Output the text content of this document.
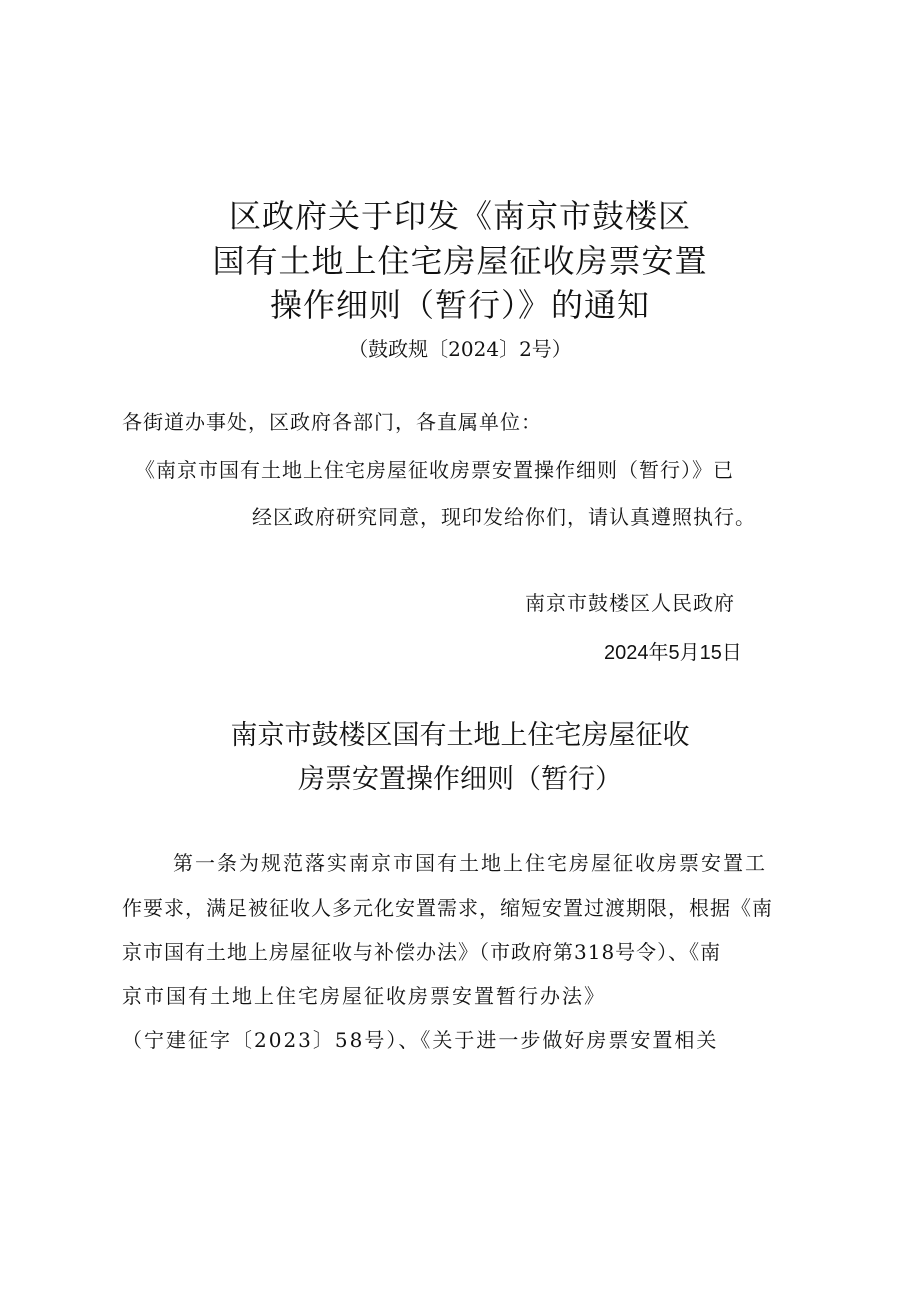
区政府关于印发《南京市鼓楼区
国有土地上住宅房屋征收房票安置
操作细则（暂行）》的通知
（鼓政规〔2024〕2号）
各街道办事处，区政府各部门，各直属单位：
《南京市国有土地上住宅房屋征收房票安置操作细则（暂行）》已
经区政府研究同意，现印发给你们，请认真遵照执行。
南京市鼓楼区人民政府
2024年5月15日
南京市鼓楼区国有土地上住宅房屋征收
房票安置操作细则（暂行）
第一条为规范落实南京市国有土地上住宅房屋征收房票安置工
作要求，满足被征收人多元化安置需求，缩短安置过渡期限，根据《南
京市国有土地上房屋征收与补偿办法》（市政府第318号令）、《南
京市国有土地上住宅房屋征收房票安置暂行办法》
（宁建征字〔2023〕58号）、《关于进一步做好房票安置相关
